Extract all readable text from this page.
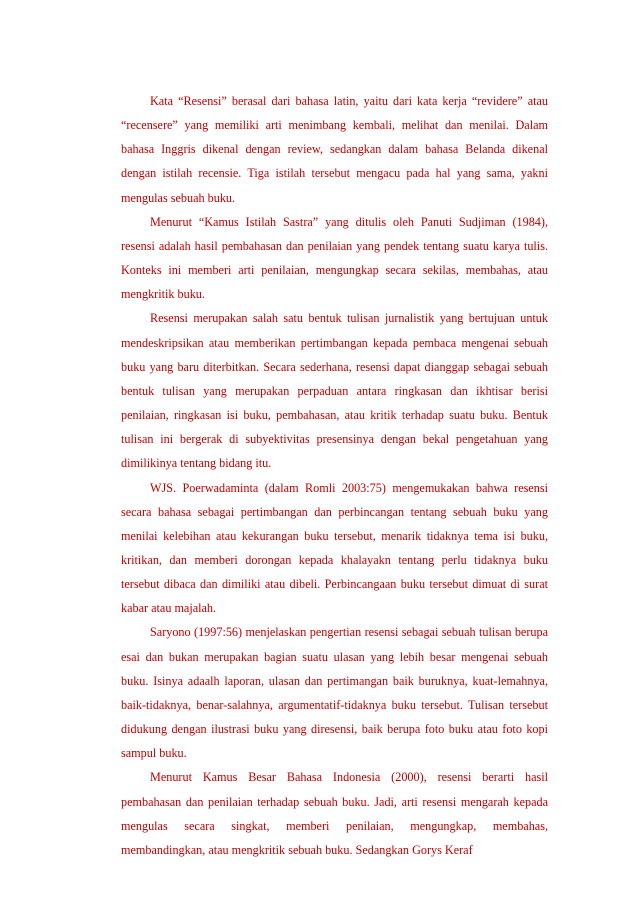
Kata “Resensi” berasal dari bahasa latin, yaitu dari kata kerja “revidere” atau “recensere” yang memiliki arti menimbang kembali, melihat dan menilai. Dalam bahasa Inggris dikenal dengan review, sedangkan dalam bahasa Belanda dikenal dengan istilah recensie. Tiga istilah tersebut mengacu pada hal yang sama, yakni mengulas sebuah buku.

Menurut “Kamus Istilah Sastra” yang ditulis oleh Panuti Sudjiman (1984), resensi adalah hasil pembahasan dan penilaian yang pendek tentang suatu karya tulis. Konteks ini memberi arti penilaian, mengungkap secara sekilas, membahas, atau mengkritik buku.

Resensi merupakan salah satu bentuk tulisan jurnalistik yang bertujuan untuk mendeskripsikan atau memberikan pertimbangan kepada pembaca mengenai sebuah buku yang baru diterbitkan. Secara sederhana, resensi dapat dianggap sebagai sebuah bentuk tulisan yang merupakan perpaduan antara ringkasan dan ikhtisar berisi penilaian, ringkasan isi buku, pembahasan, atau kritik terhadap suatu buku. Bentuk tulisan ini bergerak di subyektivitas presensinya dengan bekal pengetahuan yang dimilikinya tentang bidang itu.

WJS. Poerwadaminta (dalam Romli 2003:75) mengemukakan bahwa resensi secara bahasa sebagai pertimbangan dan perbincangan tentang sebuah buku yang menilai kelebihan atau kekurangan buku tersebut, menarik tidaknya tema isi buku, kritikan, dan memberi dorongan kepada khalayakn tentang perlu tidaknya buku tersebut dibaca dan dimiliki atau dibeli. Perbincangaan buku tersebut dimuat di surat kabar atau majalah.

Saryono (1997:56) menjelaskan pengertian resensi sebagai sebuah tulisan berupa esai dan bukan merupakan bagian suatu ulasan yang lebih besar mengenai sebuah buku. Isinya adaalh laporan, ulasan dan pertimangan baik buruknya, kuat-lemahnya, baik-tidaknya, benar-salahnya, argumentatif-tidaknya buku tersebut. Tulisan tersebut didukung dengan ilustrasi buku yang diresensi, baik berupa foto buku atau foto kopi sampul buku.

Menurut Kamus Besar Bahasa Indonesia (2000), resensi berarti hasil pembahasan dan penilaian terhadap sebuah buku. Jadi, arti resensi mengarah kepada mengulas secara singkat, memberi penilaian, mengungkap, membahas, membandingkan, atau mengkritik sebuah buku. Sedangkan Gorys Keraf
